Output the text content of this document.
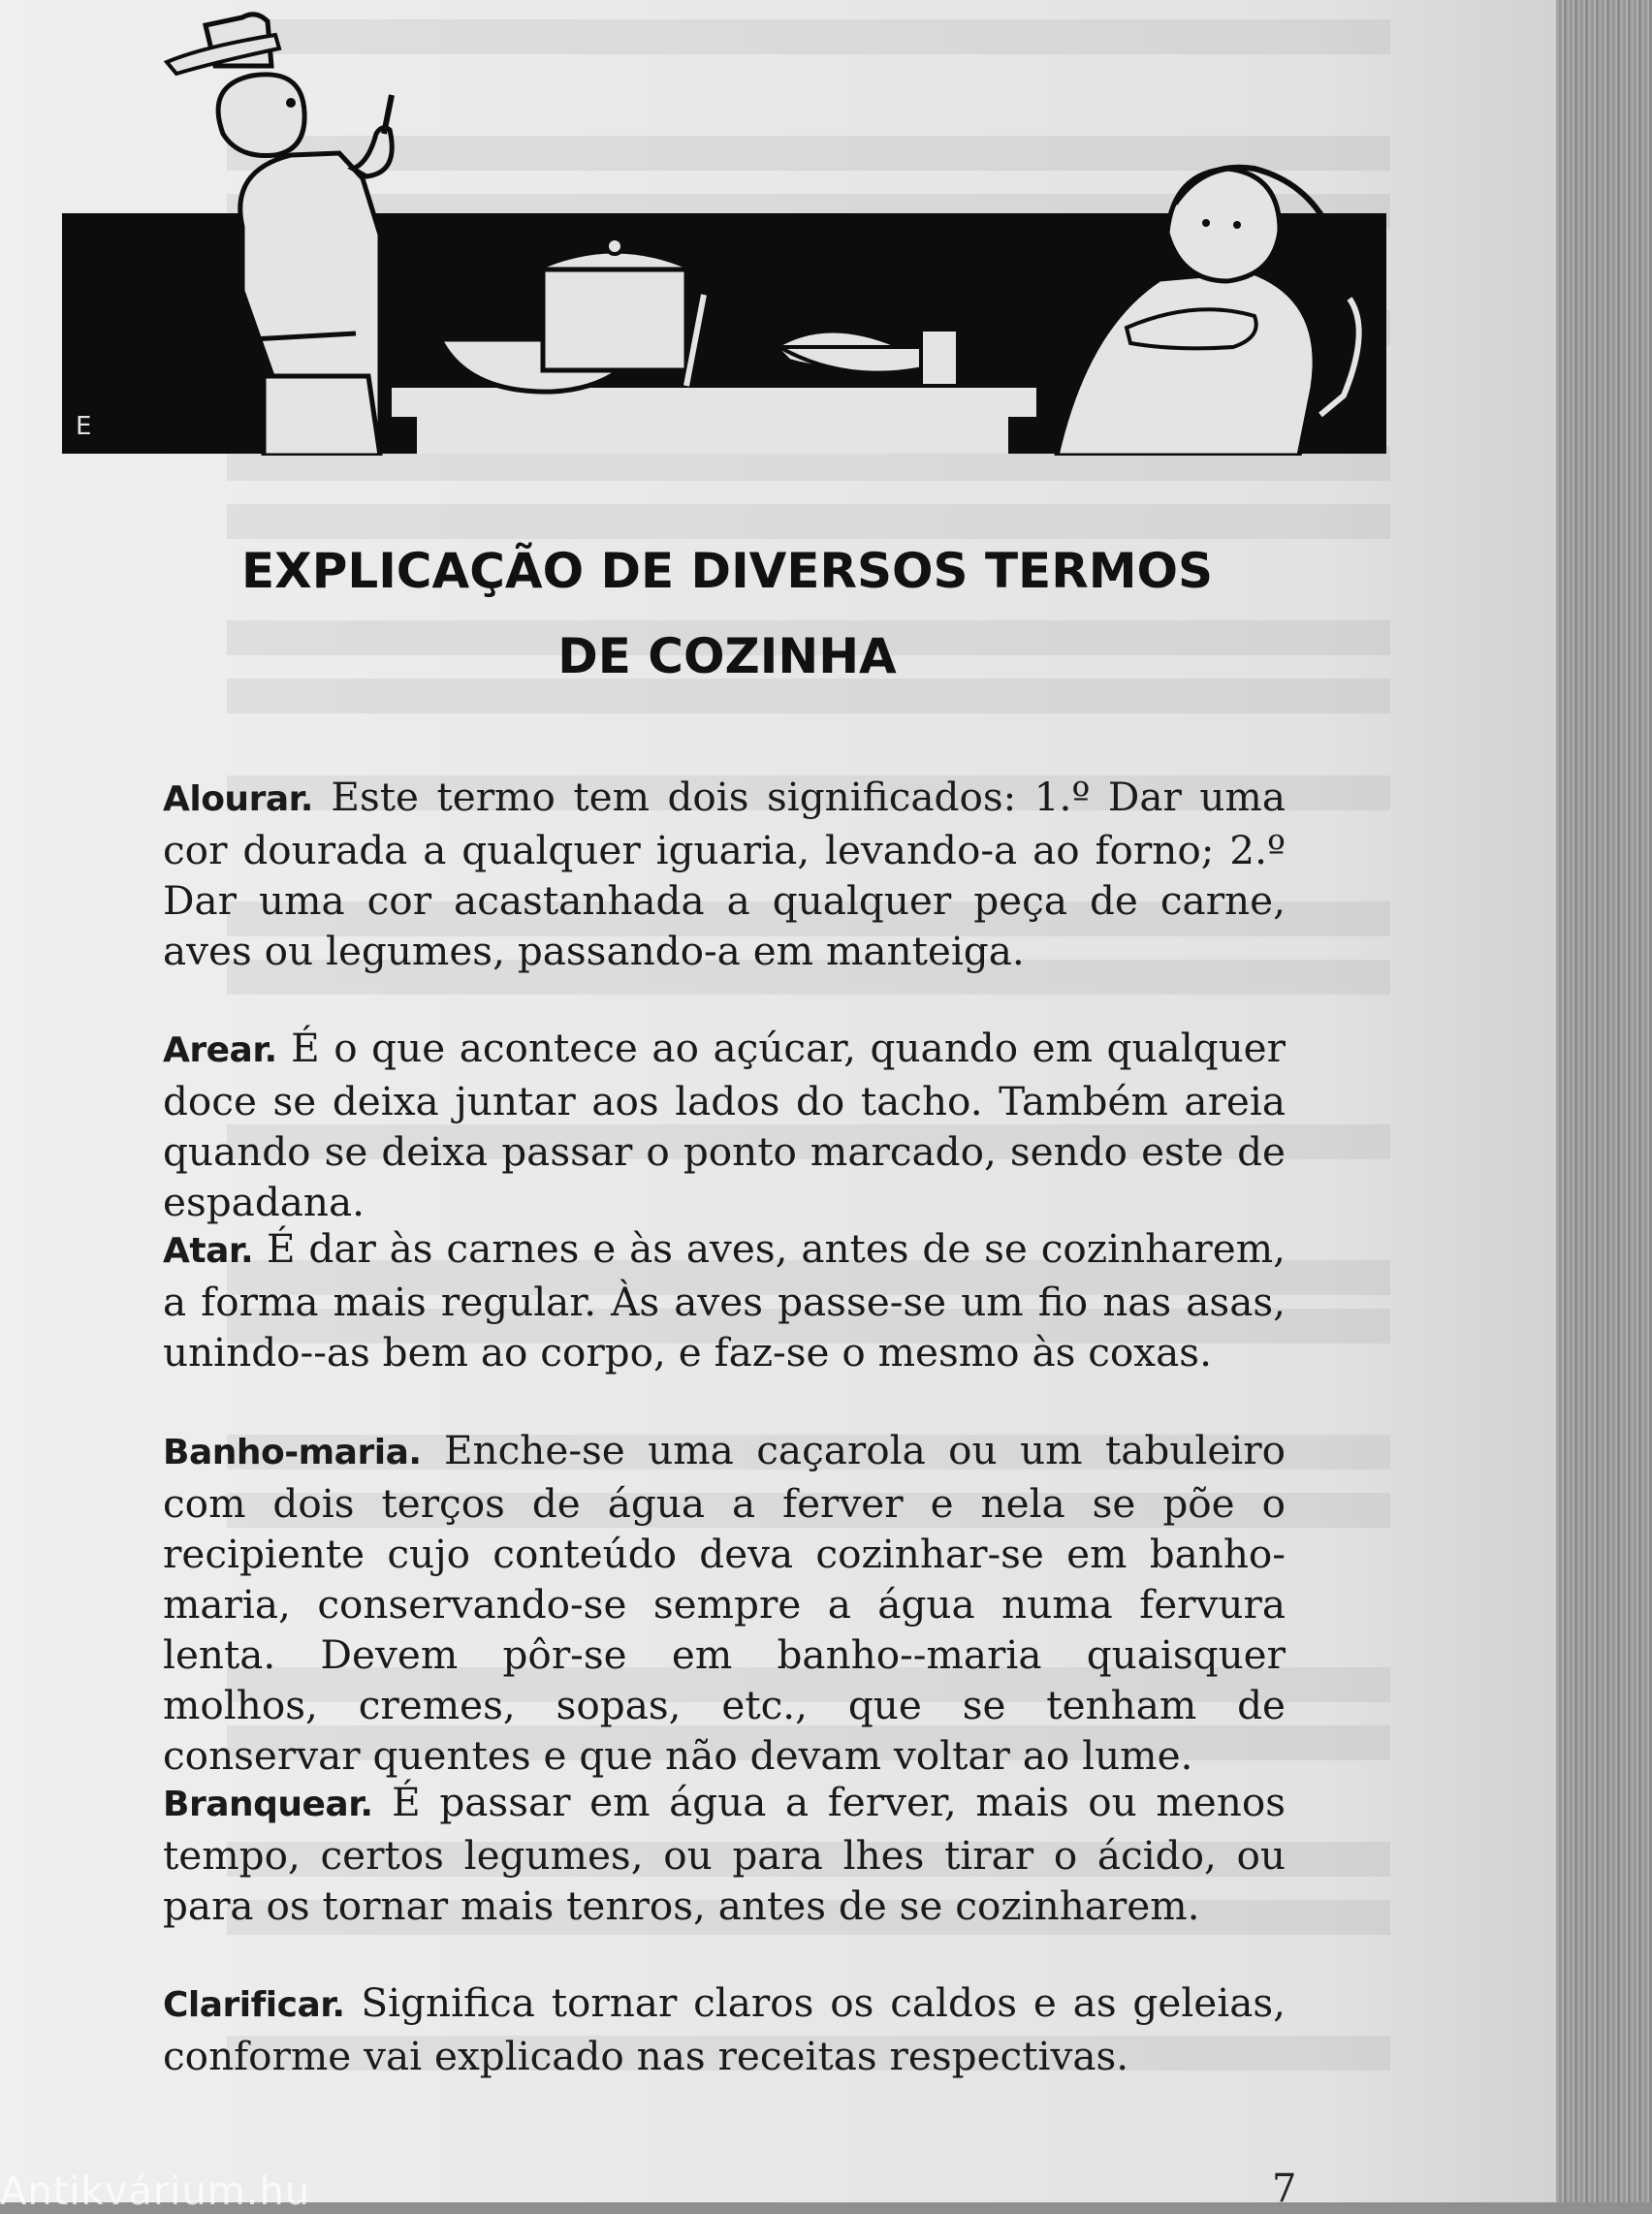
E
EXPLICAÇÃO DE DIVERSOS TERMOS
DE COZINHA

Alourar. Este termo tem dois significados: 1.º Dar uma cor dourada a qualquer iguaria, levando-a ao forno; 2.º Dar uma cor acastanhada a qualquer peça de carne, aves ou legumes, passando-a em manteiga.

Arear. É o que acontece ao açúcar, quando em qualquer doce se deixa juntar aos lados do tacho. Também areia quando se deixa passar o ponto marcado, sendo este de espadana.

Atar. É dar às carnes e às aves, antes de se cozinharem, a forma mais regular. Às aves passe-se um fio nas asas, unindo--as bem ao corpo, e faz-se o mesmo às coxas.

Banho-maria. Enche-se uma caçarola ou um tabuleiro com dois terços de água a ferver e nela se põe o recipiente cujo conteúdo deva cozinhar-se em banho-maria, conservando-se sempre a água numa fervura lenta. Devem pôr-se em banho--maria quaisquer molhos, cremes, sopas, etc., que se tenham de conservar quentes e que não devam voltar ao lume.

Branquear. É passar em água a ferver, mais ou menos tempo, certos legumes, ou para lhes tirar o ácido, ou para os tornar mais tenros, antes de se cozinharem.

Clarificar. Significa tornar claros os caldos e as geleias, conforme vai explicado nas receitas respectivas.

7

Antikvárium.hu
